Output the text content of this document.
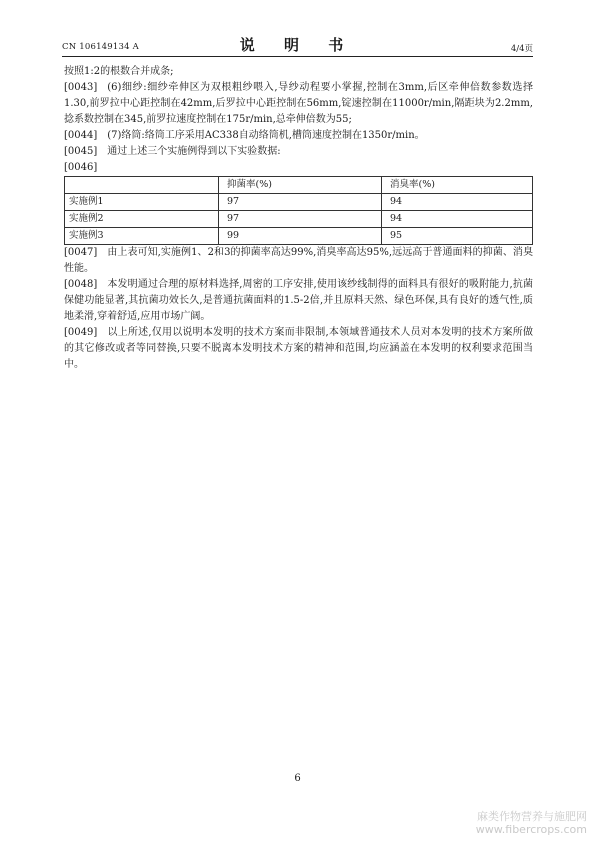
CN 106149134 A	说 明 书	4/4页

按照1:2的根数合并成条;

[0043] (6)细纱:细纱牵伸区为双根粗纱喂入,导纱动程要小掌握,控制在3mm,后区牵伸倍数参数选择1.30,前罗拉中心距控制在42mm,后罗拉中心距控制在56mm,锭速控制在11000r/min,隔距块为2.2mm,捻系数控制在345,前罗拉速度控制在175r/min,总牵伸倍数为55;

[0044] (7)络筒:络筒工序采用AC338自动络筒机,槽筒速度控制在1350r/min。

[0045] 通过上述三个实施例得到以下实验数据:

[0046]

	抑菌率(%)	消臭率(%)
实施例1	97	94
实施例2	97	94
实施例3	99	95

[0047] 由上表可知,实施例1、2和3的抑菌率高达99%,消臭率高达95%,远远高于普通面料的抑菌、消臭性能。

[0048] 本发明通过合理的原材料选择,周密的工序安排,使用该纱线制得的面料具有很好的吸附能力,抗菌保健功能显著,其抗菌功效长久,是普通抗菌面料的1.5-2倍,并且原料天然、绿色环保,具有良好的透气性,质地柔滑,穿着舒适,应用市场广阔。

[0049] 以上所述,仅用以说明本发明的技术方案而非限制,本领域普通技术人员对本发明的技术方案所做的其它修改或者等同替换,只要不脱离本发明技术方案的精神和范围,均应涵盖在本发明的权利要求范围当中。

6
麻类作物营养与施肥网
www.fibercrops.com
